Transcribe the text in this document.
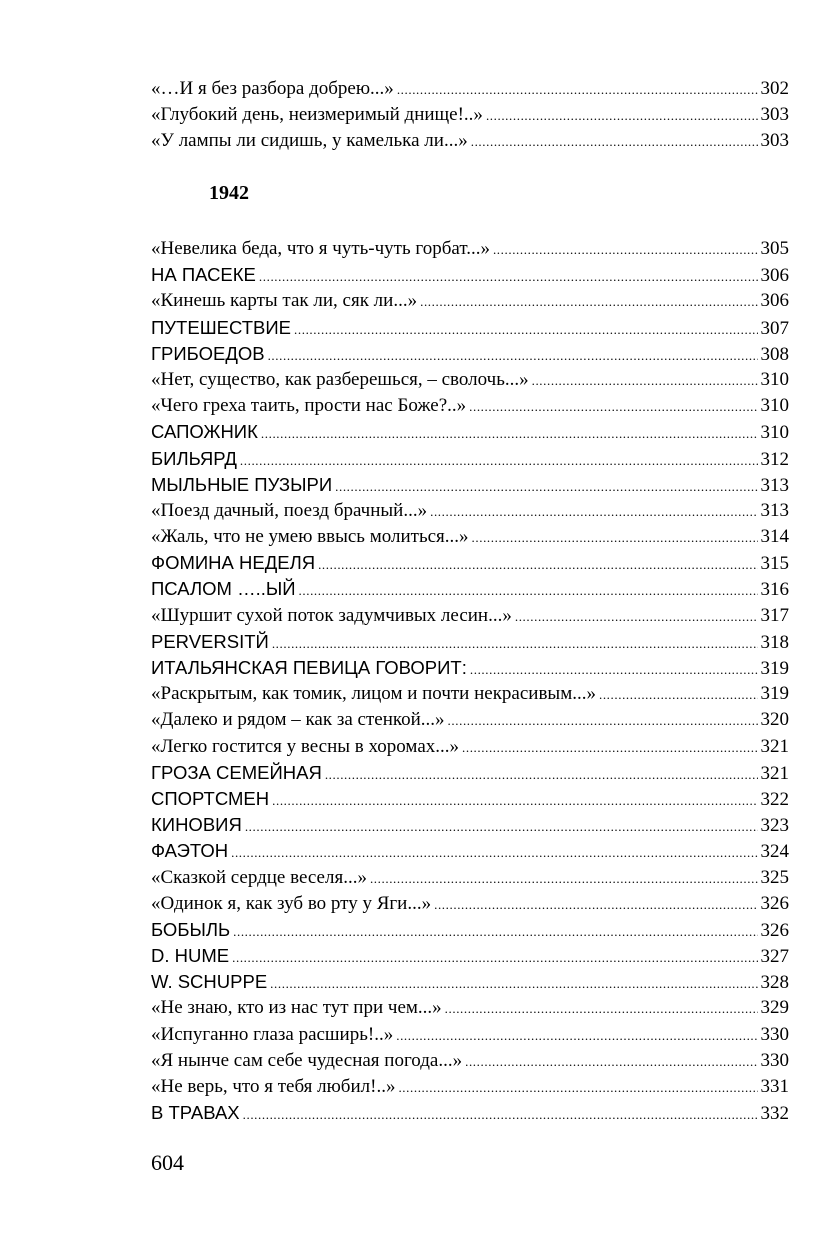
«…И я без разбора добрею...» .....	302
«Глубокий день, неизмеримый днище!..» .....	303
«У лампы ли сидишь, у камелька ли...» .....	303
1942
«Невелика беда, что я чуть-чуть горбат...» .....	305
НА ПАСЕКЕ .....	306
«Кинешь карты так ли, сяк ли...» .....	306
ПУТЕШЕСТВИЕ .....	307
ГРИБОЕДОВ .....	308
«Нет, существо, как разберешься, – сволочь...» .....	310
«Чего греха таить, прости нас Боже?..» .....	310
САПОЖНИК .....	310
БИЛЬЯРД .....	312
МЫЛЬНЫЕ ПУЗЫРИ .....	313
«Поезд дачный, поезд брачный...» .....	313
«Жаль, что не умею ввысь молиться...» .....	314
ФОМИНА НЕДЕЛЯ .....	315
ПСАЛОМ …..ЫЙ .....	316
«Шуршит сухой поток задумчивых лесин...» .....	317
PERVERSITЙ .....	318
ИТАЛЬЯНСКАЯ ПЕВИЦА ГОВОРИТ: .....	319
«Раскрытым, как томик, лицом и почти некрасивым...» .....	319
«Далеко и рядом – как за стенкой...» .....	320
«Легко гостится у весны в хоромах...» .....	321
ГРОЗА СЕМЕЙНАЯ .....	321
СПОРТСМЕН .....	322
КИНОВИЯ .....	323
ФАЭТОН .....	324
«Сказкой сердце веселя...» .....	325
«Одинок я, как зуб во рту у Яги...» .....	326
БОБЫЛЬ .....	326
D. HUME .....	327
W. SCHUPPE .....	328
«Не знаю, кто из нас тут при чем...» .....	329
«Испуганно глаза расширь!..» .....	330
«Я нынче сам себе чудесная погода...» .....	330
«Не верь, что я тебя любил!..» .....	331
В ТРАВАХ .....	332
604
